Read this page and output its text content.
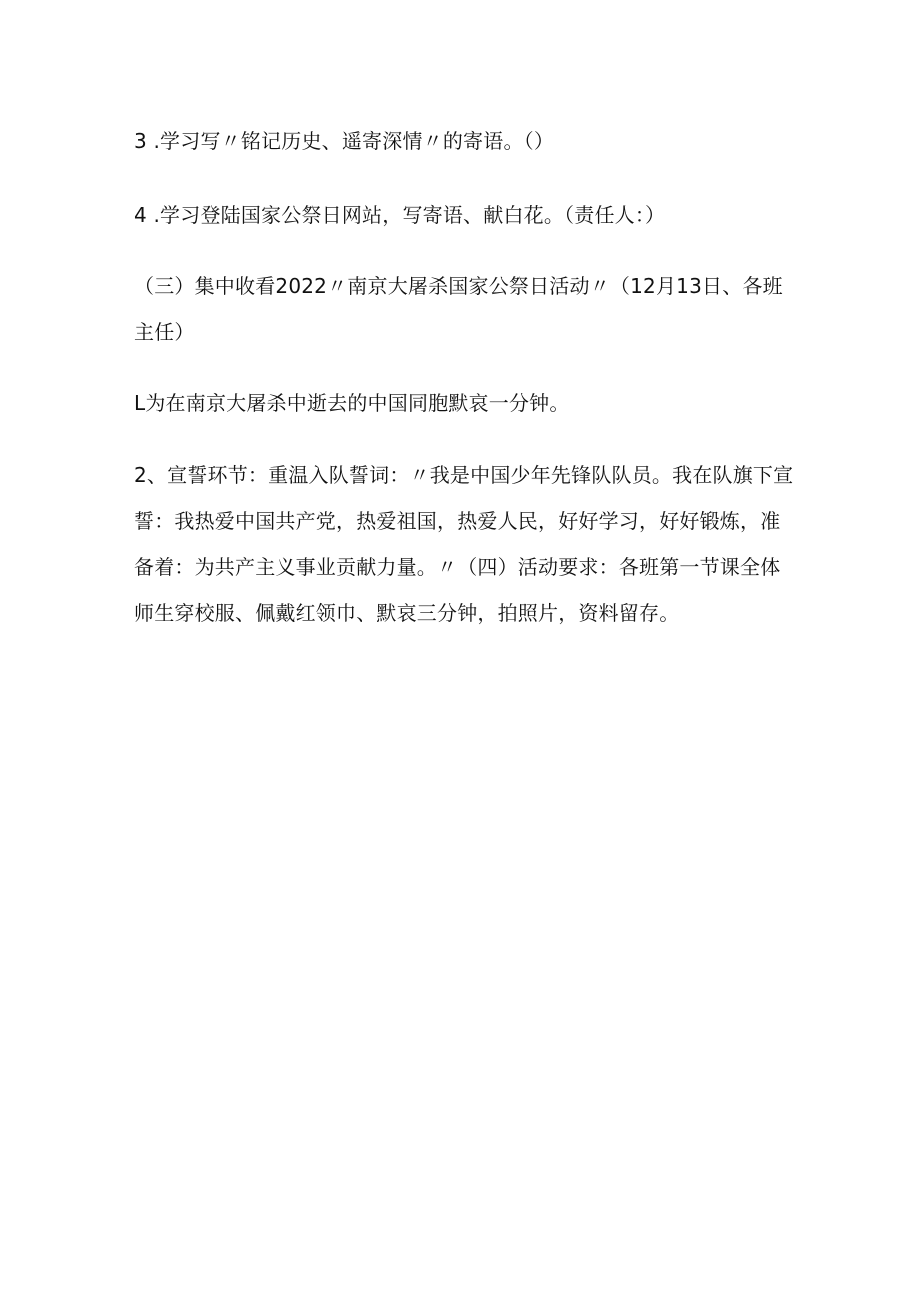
3 .学习写〃铭记历史、遥寄深情〃的寄语。（）

4 .学习登陆国家公祭日网站，写寄语、献白花。（责任人：）

（三）集中收看2022〃南京大屠杀国家公祭日活动〃（12月13日、各班主任）

L为在南京大屠杀中逝去的中国同胞默哀一分钟。

2、宣誓环节：重温入队誓词：〃我是中国少年先锋队队员。我在队旗下宣誓：我热爱中国共产党，热爱祖国，热爱人民，好好学习，好好锻炼，准备着：为共产主义事业贡献力量。〃（四）活动要求：各班第一节课全体师生穿校服、佩戴红领巾、默哀三分钟，拍照片，资料留存。
